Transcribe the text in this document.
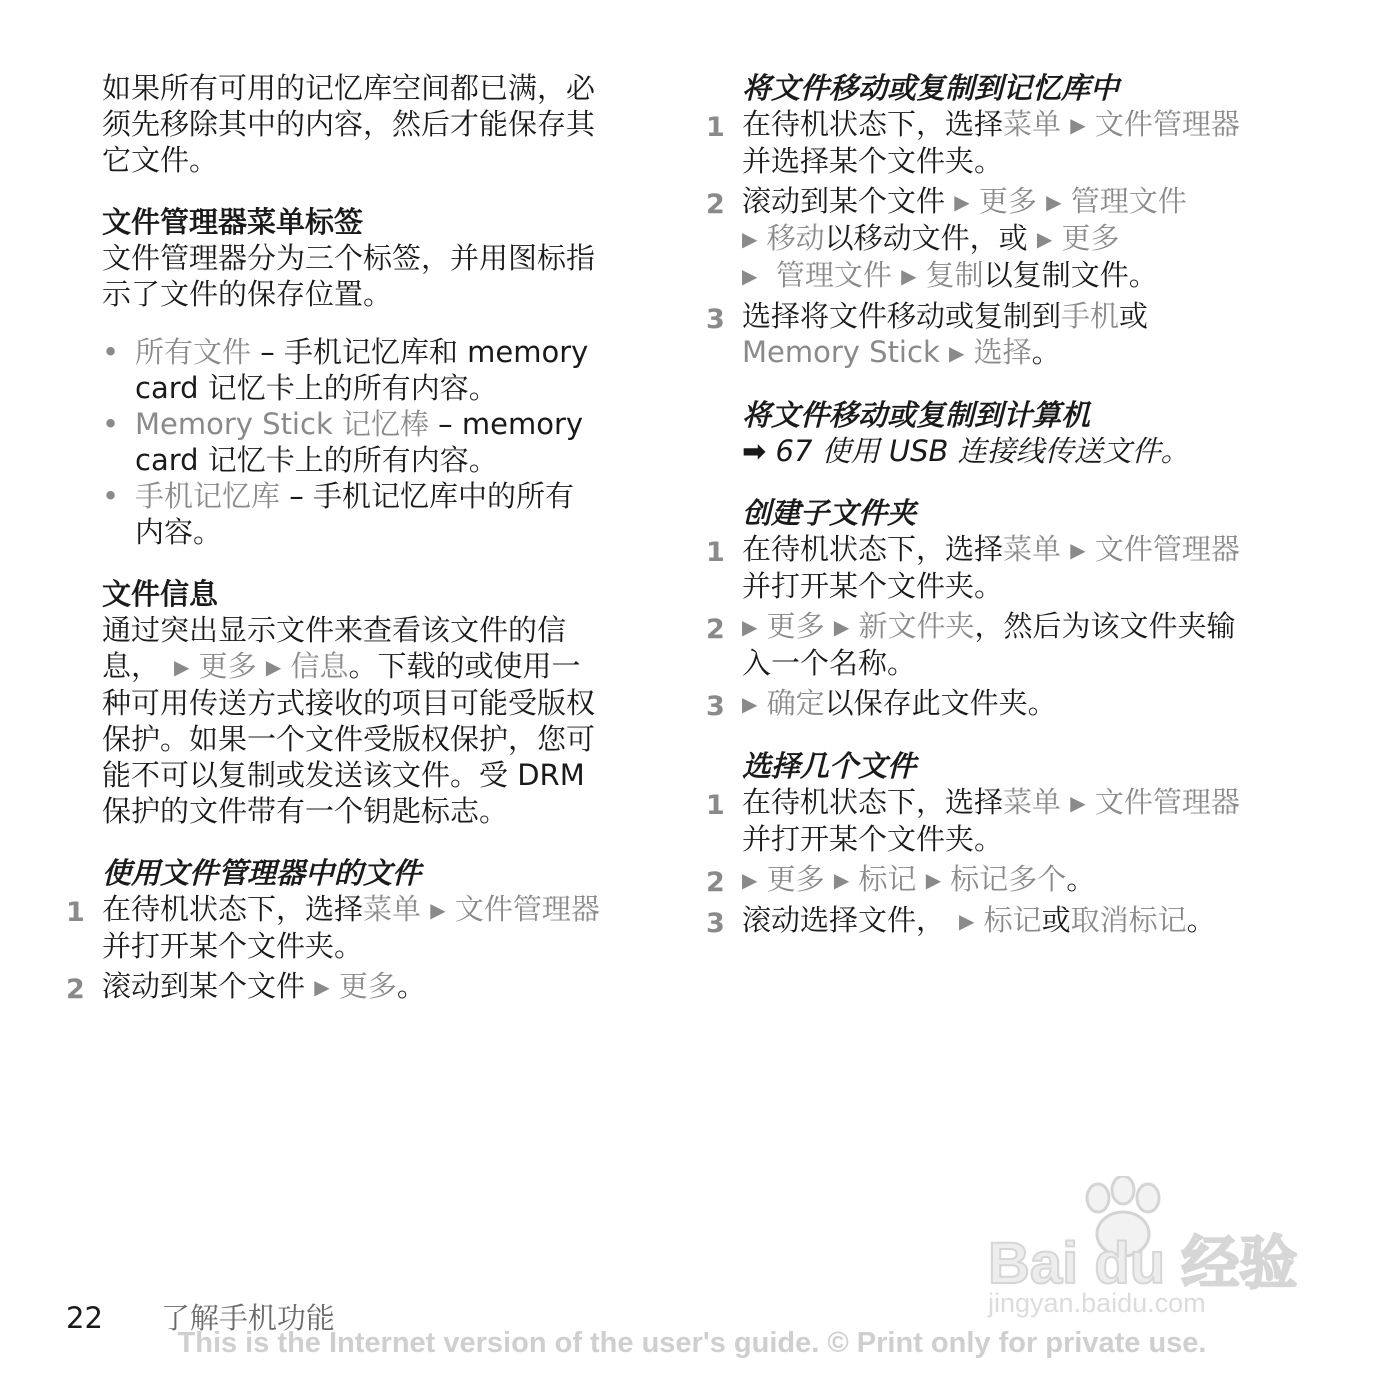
如果所有可用的记忆库空间都已满，必

须先移除其中的内容，然后才能保存其

它文件。

文件管理器菜单标签

文件管理器分为三个标签，并用图标指

示了文件的保存位置。

• 所有文件 – 手机记忆库和 memory

card 记忆卡上的所有内容。

• Memory Stick 记忆棒 – memory

card 记忆卡上的所有内容。

• 手机记忆库 – 手机记忆库中的所有

内容。

文件信息

通过突出显示文件来查看该文件的信

息， ▶ 更多 ▶ 信息。下载的或使用一

种可用传送方式接收的项目可能受版权

保护。如果一个文件受版权保护，您可

能不可以复制或发送该文件。受 DRM

保护的文件带有一个钥匙标志。

使用文件管理器中的文件
1 在待机状态下，选择菜单 ▶ 文件管理器

并打开某个文件夹。

2 滚动到某个文件 ▶ 更多。

将文件移动或复制到记忆库中
1 在待机状态下，选择菜单 ▶ 文件管理器

并选择某个文件夹。

2 滚动到某个文件 ▶ 更多 ▶ 管理文件

▶ 移动以移动文件，或 ▶ 更多

▶ 管理文件 ▶ 复制以复制文件。

3 选择将文件移动或复制到手机或

Memory Stick ▶ 选择。

将文件移动或复制到计算机

➡ 67 使用 USB 连接线传送文件。

创建子文件夹
1 在待机状态下，选择菜单 ▶ 文件管理器

并打开某个文件夹。

2 ▶ 更多 ▶ 新文件夹，然后为该文件夹输

入一个名称。

3 ▶ 确定以保存此文件夹。

选择几个文件
1 在待机状态下，选择菜单 ▶ 文件管理器

并打开某个文件夹。

2 ▶ 更多 ▶ 标记 ▶ 标记多个。

3 滚动选择文件， ▶ 标记或取消标记。

Bai du 经验
jingyan.baidu.com
22 了解手机功能
This is the Internet version of the user's guide. © Print only for private use.
